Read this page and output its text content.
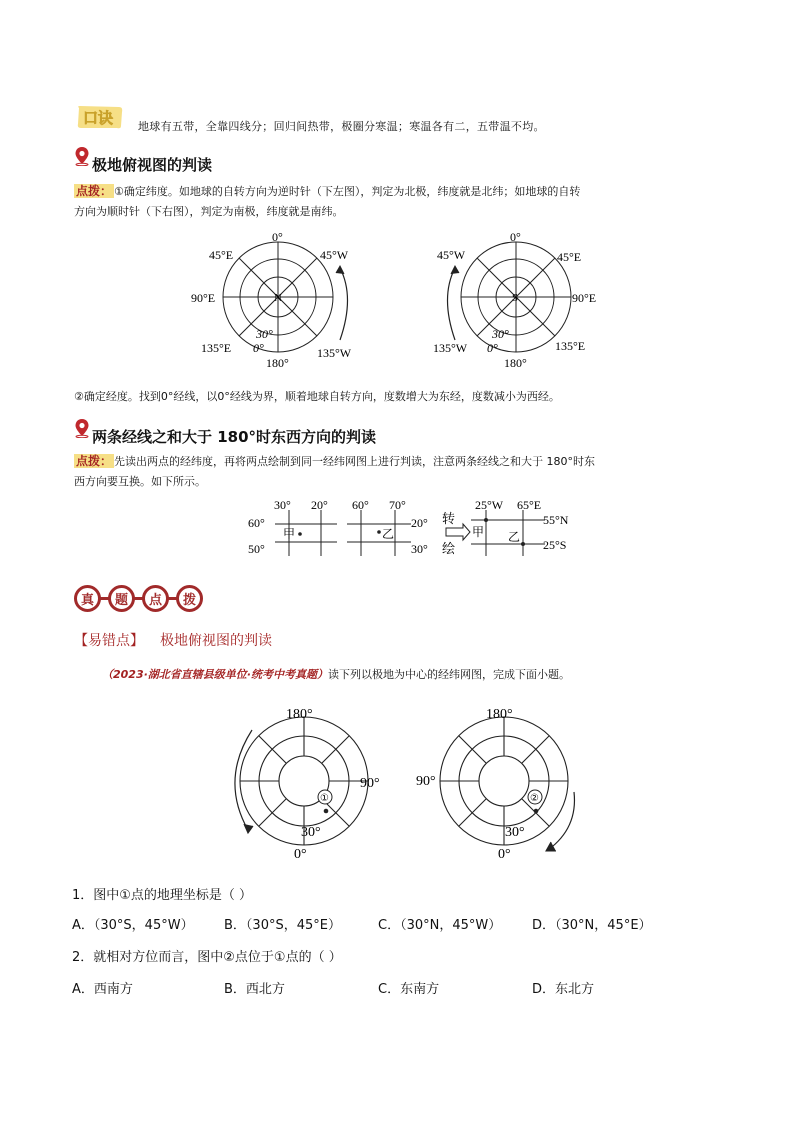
口诀 地球有五带，全靠四线分；回归间热带，极圈分寒温；寒温各有二，五带温不均。
极地俯视图的判读
点拨： ①确定纬度。如地球的自转方向为逆时针（下左图），判定为北极，纬度就是北纬；如地球的自转
方向为顺时针（下右图），判定为南极，纬度就是南纬。
0°
180°
90°E
45°E	45°W
135°E	135°W
N
30°
0°
0°
180°
90°E
45°W	45°E
135°W	135°E
S
30°
0°
②确定经度。找到0°经线，以0°经线为界，顺着地球自转方向，度数增大为东经，度数减小为西经。
两条经线之和大于 180°时东西方向的判读
点拨： 先读出两点的经纬度，再将两点绘制到同一经纬网图上进行判读，注意两条经线之和大于 180°时东
西方向要互换。如下所示。
30° 20°
60°
50°
甲
60° 70°
20°
30°
乙
转
绘
25°W 65°E
55°N
25°S
甲 乙
真	题	点	拨
【易错点】 极地俯视图的判读
（2023·湖北省直辖县级单位·统考中考真题）读下列以极地为中心的经纬网图，完成下面小题。
①
180°
90°
0°
30°
②
180°
90°
0°
30°
1．图中①点的地理坐标是（ ）
A．（30°S，45°W） B．（30°S，45°E）	C．（30°N，45°W） D．（30°N，45°E）
2．就相对方位而言，图中②点位于①点的（ ）
A．西南方	B．西北方	C．东南方	D．东北方
